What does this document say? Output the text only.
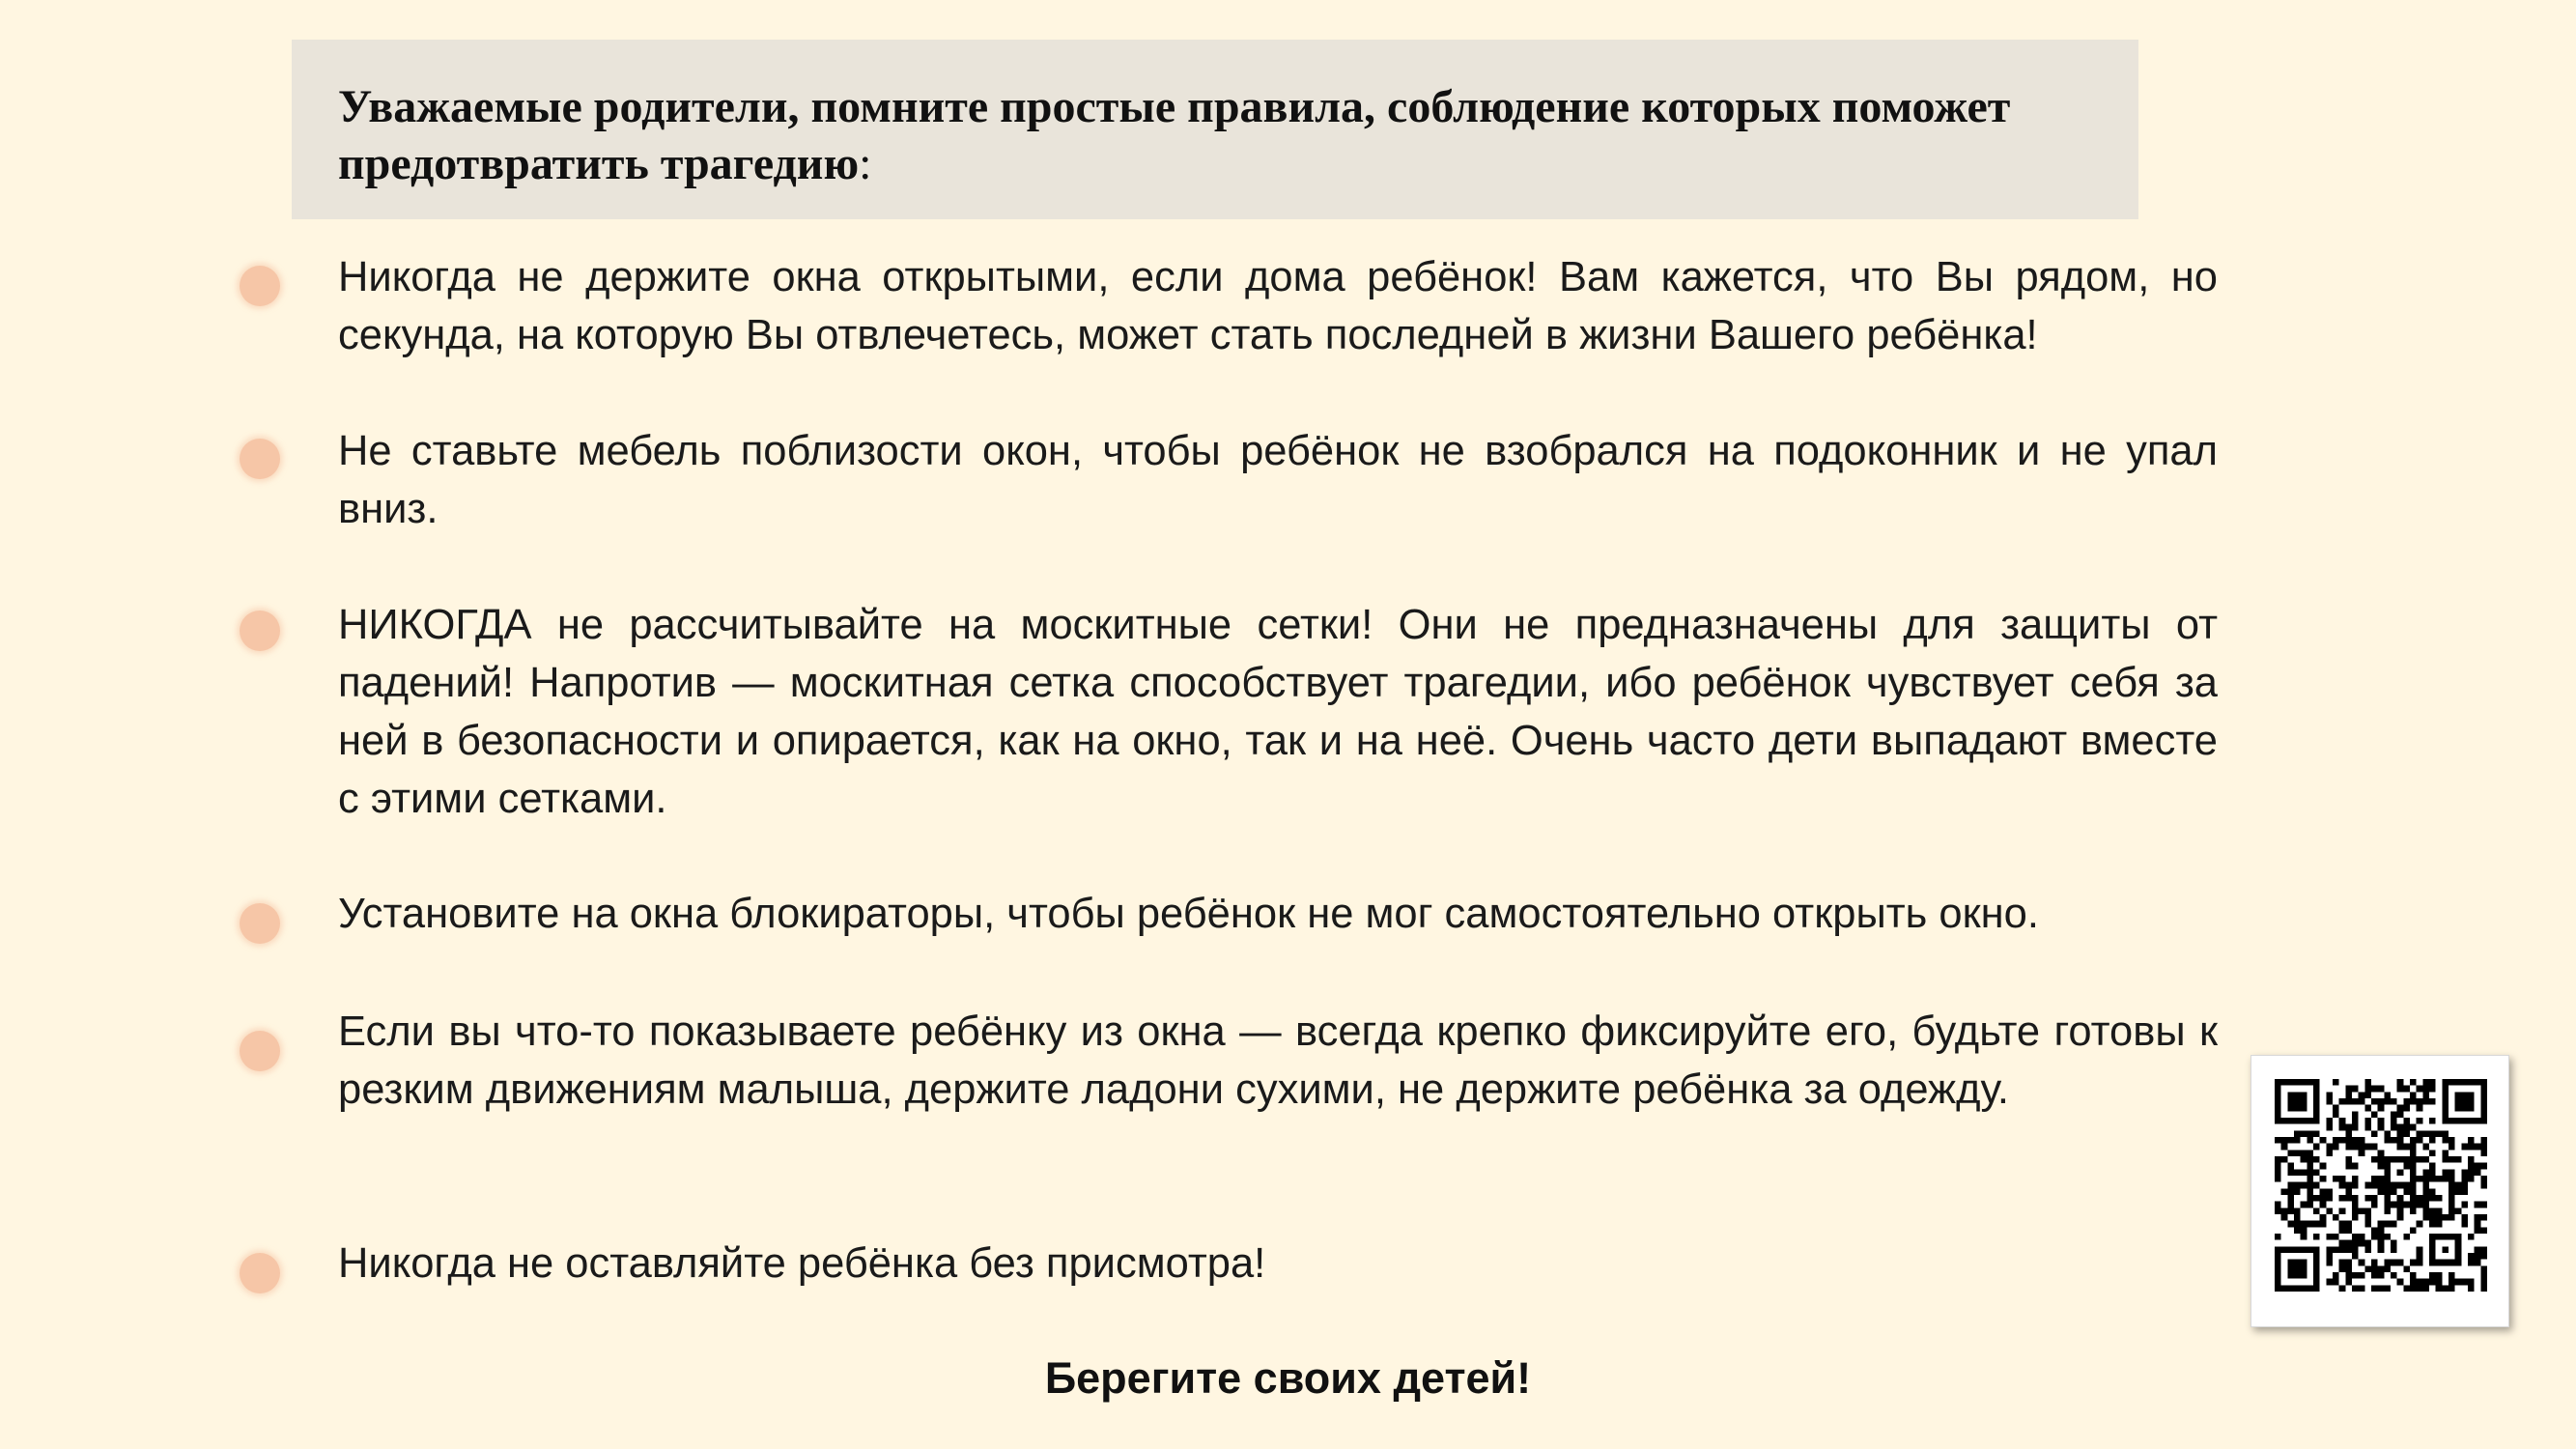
Уважаемые родители, помните простые правила, соблюдение которых поможет предотвратить трагедию:

Никогда не держите окна открытыми, если дома ребёнок! Вам кажется, что Вы рядом, но секунда, на которую Вы отвлечетесь, может стать последней в жизни Вашего ребёнка!
Не ставьте мебель поблизости окон, чтобы ребёнок не взобрался на подоконник и не упал вниз.
НИКОГДА не рассчитывайте на москитные сетки! Они не предназначены для защиты от падений! Напротив — москитная сетка способствует трагедии, ибо ребёнок чувствует себя за ней в безопасности и опирается, как на окно, так и на неё. Очень часто дети выпадают вместе с этими сетками.
Установите на окна блокираторы, чтобы ребёнок не мог самостоятельно открыть окно.
Если вы что-то показываете ребёнку из окна — всегда крепко фиксируйте его, будьте готовы к резким движениям малыша, держите ладони сухими, не держите ребёнка за одежду.
Никогда не оставляйте ребёнка без присмотра!
Берегите своих детей!
